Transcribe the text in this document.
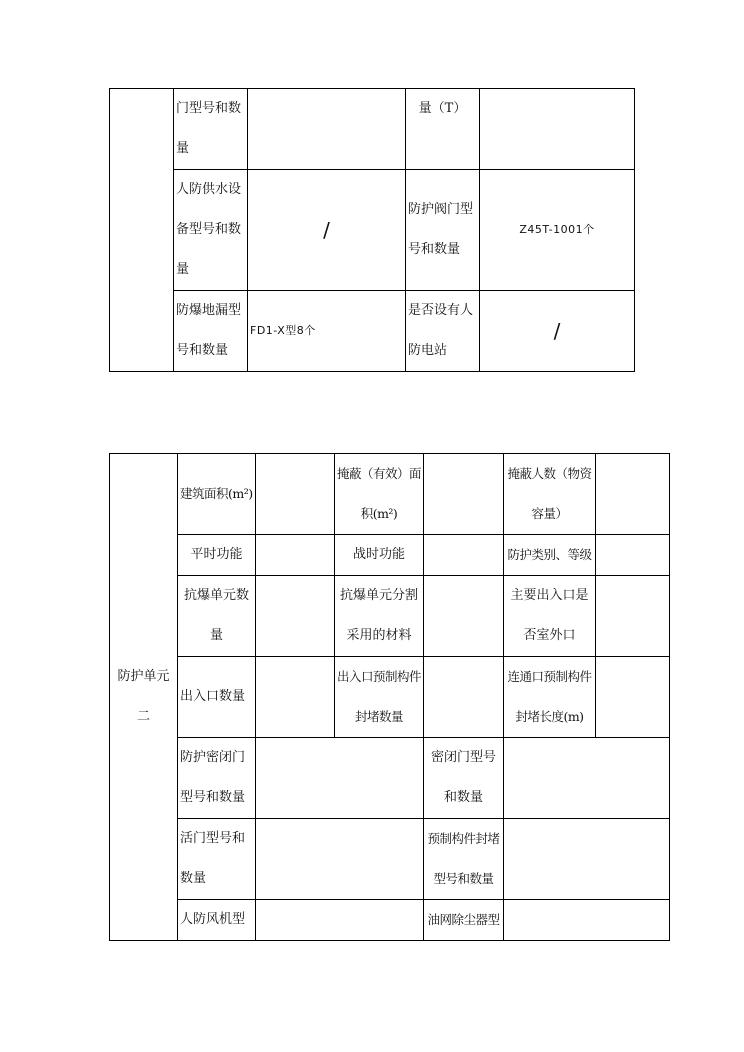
	门型号和数量		量（T）	
	人防供水设备型号和数量	/	防护阀门型号和数量	Z45T-1001个
	防爆地漏型号和数量	FD1-X型8个	是否设有人防电站	/
防护单元二	建筑面积(m²)		掩蔽（有效）面积(m²)		掩蔽人数（物资容量）	
	平时功能		战时功能		防护类别、等级	
	抗爆单元数量		抗爆单元分割采用的材料		主要出入口是否室外口	
	出入口数量		出入口预制构件封堵数量		连通口预制构件封堵长度(m)	
	防护密闭门型号和数量			密闭门型号和数量		
	活门型号和数量			预制构件封堵型号和数量		
	人防风机型			油网除尘器型		
